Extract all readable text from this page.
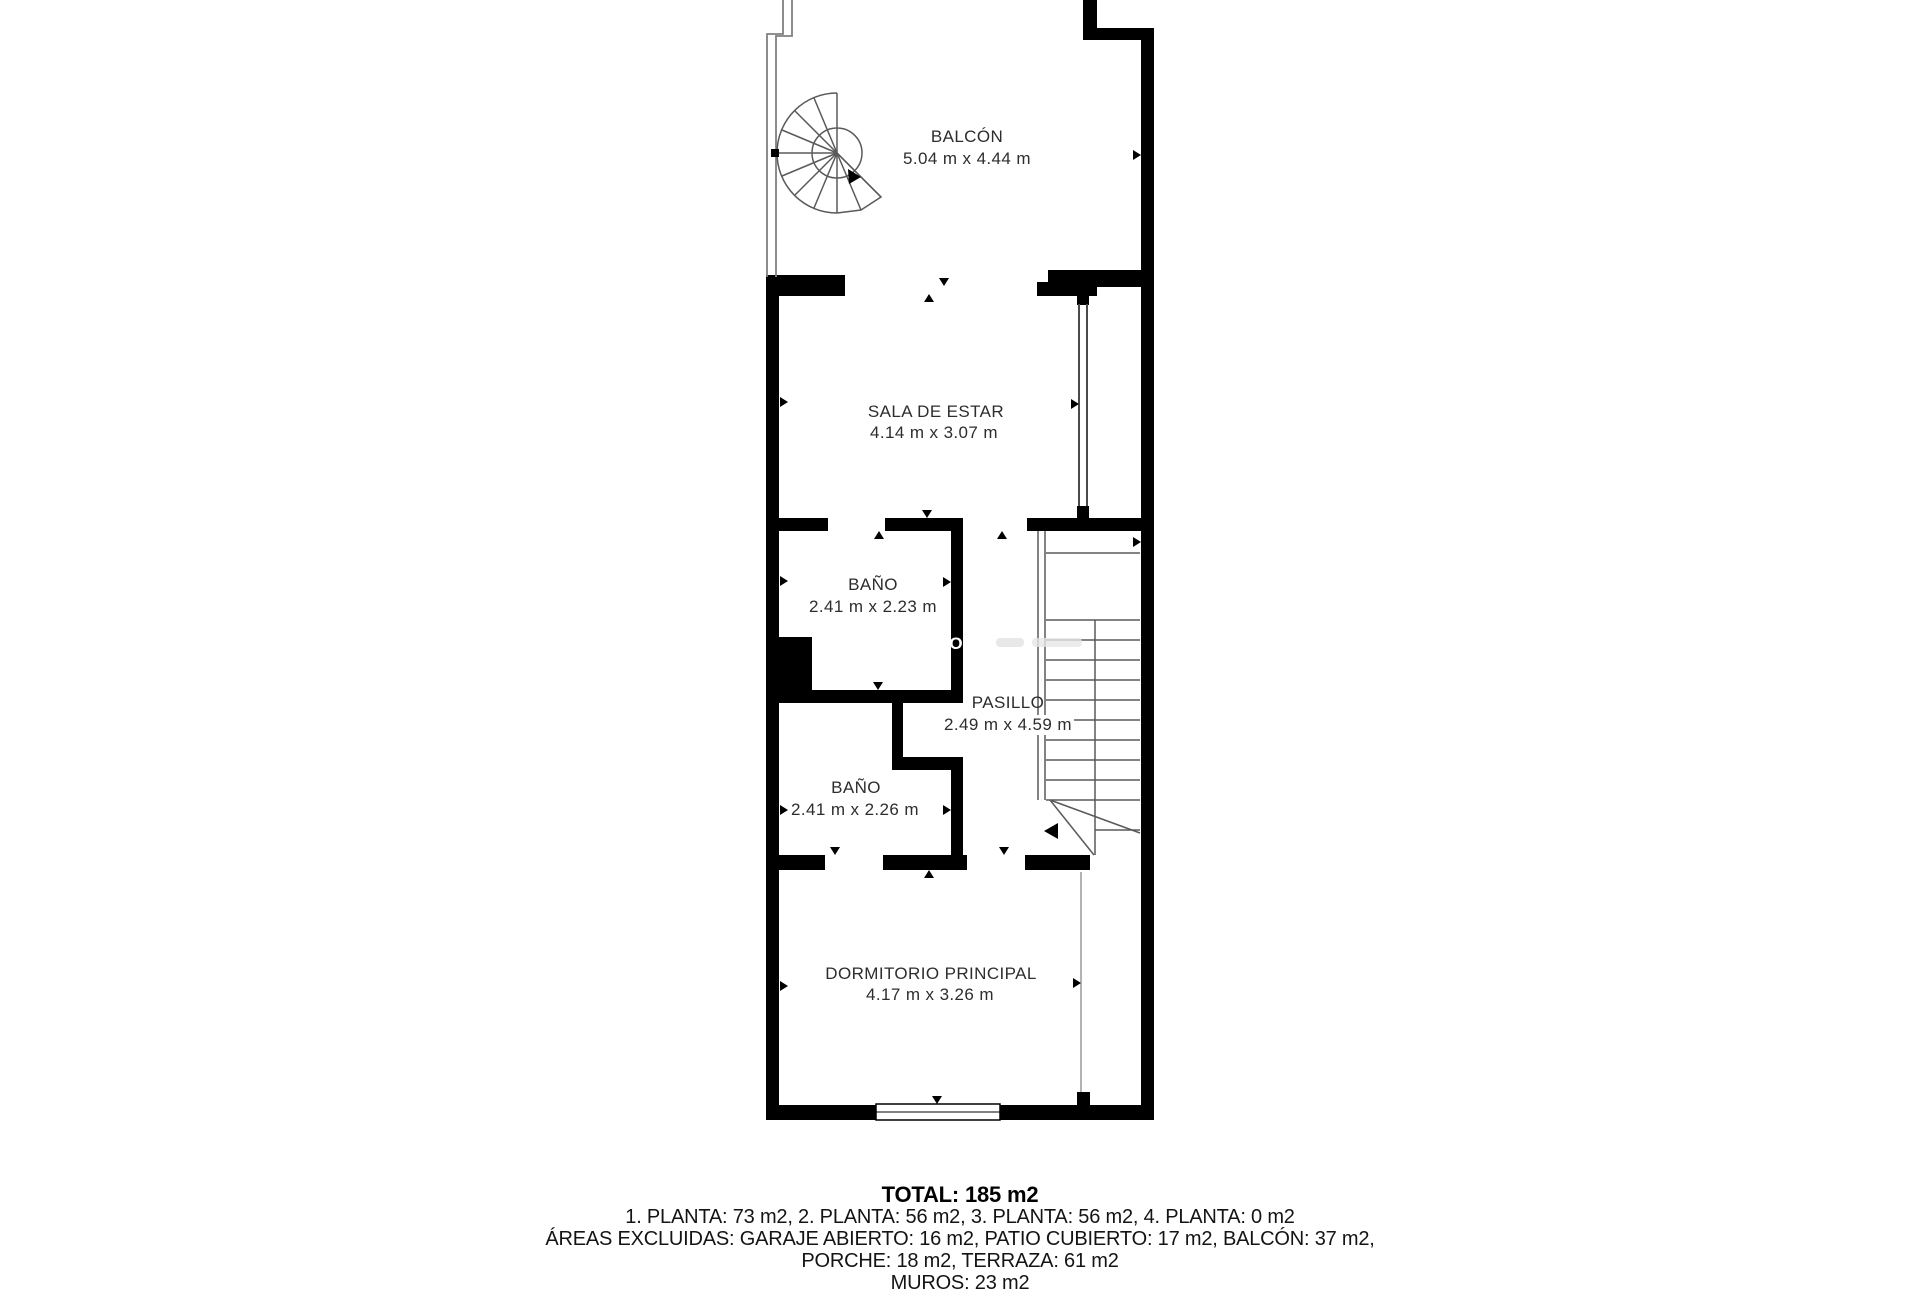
O
BALCÓN
5.04 m x 4.44 m
SALA DE ESTAR
4.14 m x 3.07 m
BAÑO
2.41 m x 2.23 m
PASILLO
2.49 m x 4.59 m
BAÑO
2.41 m x 2.26 m
DORMITORIO PRINCIPAL
4.17 m x 3.26 m
TOTAL: 185 m2
1. PLANTA: 73 m2, 2. PLANTA: 56 m2, 3. PLANTA: 56 m2, 4. PLANTA: 0 m2
ÁREAS EXCLUIDAS: GARAJE ABIERTO: 16 m2, PATIO CUBIERTO: 17 m2, BALCÓN: 37 m2,
PORCHE: 18 m2, TERRAZA: 61 m2
MUROS: 23 m2
